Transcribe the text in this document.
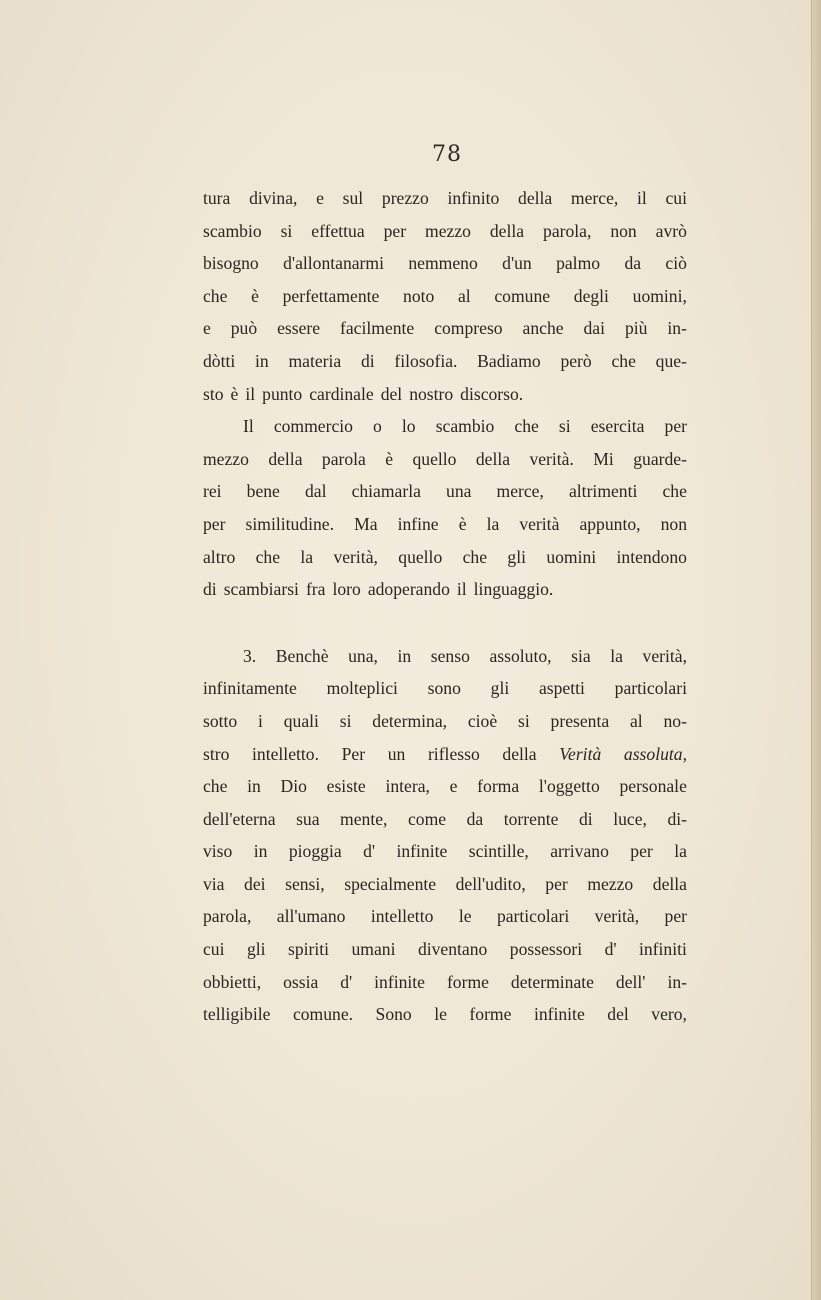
78
tura divina, e sul prezzo infinito della merce, il cui
scambio si effettua per mezzo della parola, non avrò
bisogno d'allontanarmi nemmeno d'un palmo da ciò
che è perfettamente noto al comune degli uomini,
e può essere facilmente compreso anche dai più in-
dòtti in materia di filosofia. Badiamo però che que-
sto è il punto cardinale del nostro discorso.
Il commercio o lo scambio che si esercita per
mezzo della parola è quello della verità. Mi guarde-
rei bene dal chiamarla una merce, altrimenti che
per similitudine. Ma infine è la verità appunto, non
altro che la verità, quello che gli uomini intendono
di scambiarsi fra loro adoperando il linguaggio.
3. Benchè una, in senso assoluto, sia la verità,
infinitamente molteplici sono gli aspetti particolari
sotto i quali si determina, cioè si presenta al no-
stro intelletto. Per un riflesso della Verità assoluta,
che in Dio esiste intera, e forma l'oggetto personale
dell'eterna sua mente, come da torrente di luce, di-
viso in pioggia d' infinite scintille, arrivano per la
via dei sensi, specialmente dell'udito, per mezzo della
parola, all'umano intelletto le particolari verità, per
cui gli spiriti umani diventano possessori d' infiniti
obbietti, ossia d' infinite forme determinate dell' in-
telligibile comune. Sono le forme infinite del vero,
